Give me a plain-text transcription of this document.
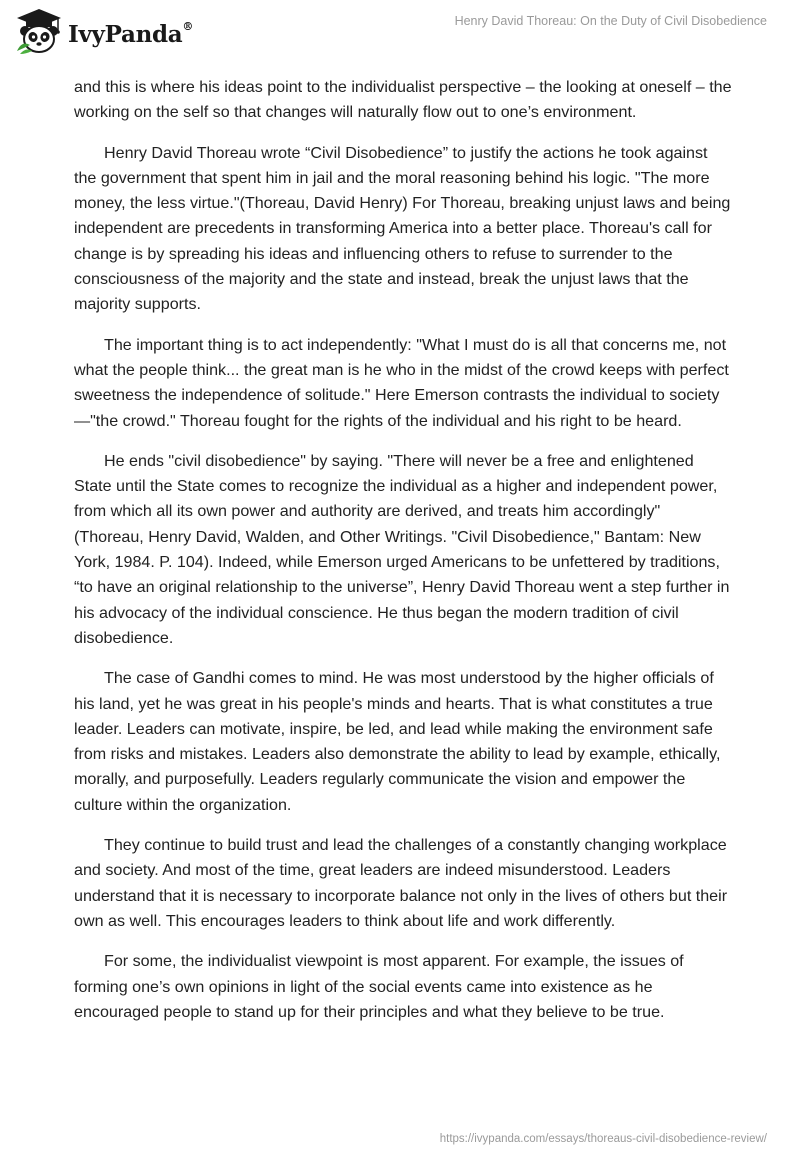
IvyPanda®	Henry David Thoreau: On the Duty of Civil Disobedience

and this is where his ideas point to the individualist perspective – the looking at oneself – the working on the self so that changes will naturally flow out to one’s environment.

Henry David Thoreau wrote “Civil Disobedience” to justify the actions he took against the government that spent him in jail and the moral reasoning behind his logic. "The more money, the less virtue."(Thoreau, David Henry) For Thoreau, breaking unjust laws and being independent are precedents in transforming America into a better place. Thoreau's call for change is by spreading his ideas and influencing others to refuse to surrender to the consciousness of the majority and the state and instead, break the unjust laws that the majority supports.

The important thing is to act independently: "What I must do is all that concerns me, not what the people think... the great man is he who in the midst of the crowd keeps with perfect sweetness the independence of solitude." Here Emerson contrasts the individual to society—"the crowd." Thoreau fought for the rights of the individual and his right to be heard.

He ends "civil disobedience" by saying. "There will never be a free and enlightened State until the State comes to recognize the individual as a higher and independent power, from which all its own power and authority are derived, and treats him accordingly" (Thoreau, Henry David, Walden, and Other Writings. "Civil Disobedience," Bantam: New York, 1984. P. 104). Indeed, while Emerson urged Americans to be unfettered by traditions, “to have an original relationship to the universe”, Henry David Thoreau went a step further in his advocacy of the individual conscience. He thus began the modern tradition of civil disobedience.

The case of Gandhi comes to mind. He was most understood by the higher officials of his land, yet he was great in his people's minds and hearts. That is what constitutes a true leader. Leaders can motivate, inspire, be led, and lead while making the environment safe from risks and mistakes. Leaders also demonstrate the ability to lead by example, ethically, morally, and purposefully. Leaders regularly communicate the vision and empower the culture within the organization.

They continue to build trust and lead the challenges of a constantly changing workplace and society. And most of the time, great leaders are indeed misunderstood. Leaders understand that it is necessary to incorporate balance not only in the lives of others but their own as well. This encourages leaders to think about life and work differently.

For some, the individualist viewpoint is most apparent. For example, the issues of forming one’s own opinions in light of the social events came into existence as he encouraged people to stand up for their principles and what they believe to be true.

https://ivypanda.com/essays/thoreaus-civil-disobedience-review/
